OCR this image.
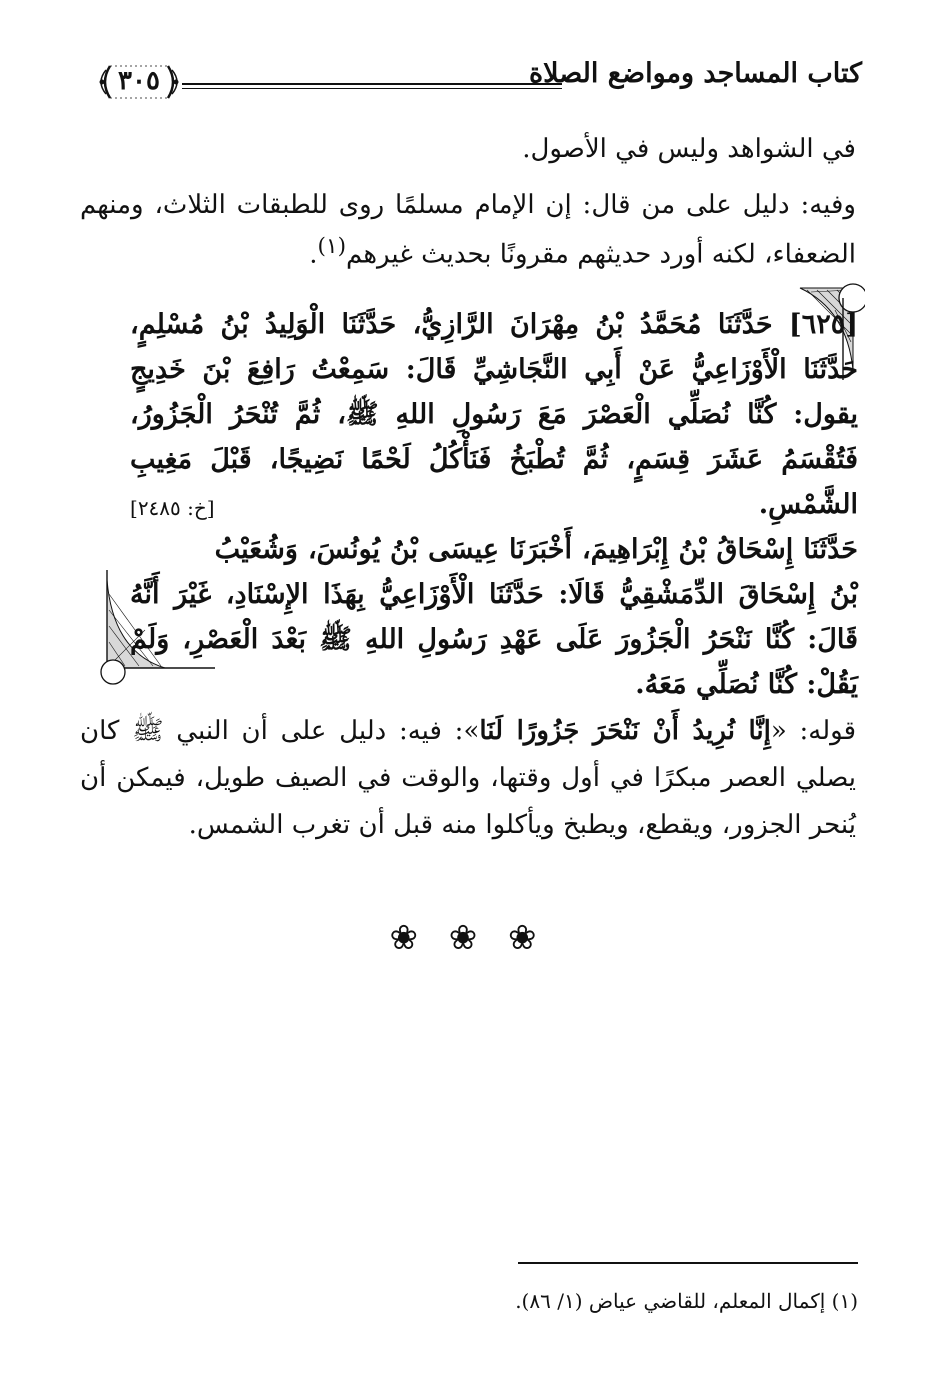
كتاب المساجد ومواضع الصلاة
٣٠٥

في الشواهد وليس في الأصول.

وفيه: دليل على من قال: إن الإمام مسلمًا روى للطبقات الثلاث، ومنهم الضعفاء، لكنه أورد حديثهم مقرونًا بحديث غيرهم$^{(١)}$.

[٦٢٥] حَدَّثَنَا مُحَمَّدُ بْنُ مِهْرَانَ الرَّازِيُّ، حَدَّثَنَا الْوَلِيدُ بْنُ مُسْلِمٍ، حَدَّثَنَا الْأَوْزَاعِيُّ عَنْ أَبِي النَّجَاشِيِّ قَالَ: سَمِعْتُ رَافِعَ بْنَ خَدِيجٍ يقول: كُنَّا نُصَلِّي الْعَصْرَ مَعَ رَسُولِ اللهِ ﷺ، ثُمَّ تُنْحَرُ الْجَزُورُ، فَتُقْسَمُ عَشَرَ قِسَمٍ، ثُمَّ تُطْبَخُ فَنَأْكُلُ لَحْمًا نَضِيجًا، قَبْلَ مَغِيبِ الشَّمْسِ.
[خ: ٢٤٨٥]

حَدَّثَنَا إِسْحَاقُ بْنُ إِبْرَاهِيمَ، أَخْبَرَنَا عِيسَى بْنُ يُونُسَ، وَشُعَيْبُ بْنُ إِسْحَاقَ الدِّمَشْقِيُّ قَالَا: حَدَّثَنَا الْأَوْزَاعِيُّ بِهَذَا الإِسْنَادِ، غَيْرَ أَنَّهُ قَالَ: كُنَّا نَنْحَرُ الْجَزُورَ عَلَى عَهْدِ رَسُولِ اللهِ ﷺ بَعْدَ الْعَصْرِ، وَلَمْ يَقُلْ: كُنَّا نُصَلِّي مَعَهُ.

قوله: «إِنَّا نُرِيدُ أَنْ نَنْحَرَ جَزُورًا لَنَا»: فيه: دليل على أن النبي ﷺ كان يصلي العصر مبكرًا في أول وقتها، والوقت في الصيف طويل، فيمكن أن يُنحر الجزور، ويقطع، ويطبخ ويأكلوا منه قبل أن تغرب الشمس.

❀ ❀ ❀
(١) إكمال المعلم، للقاضي عياض (١/ ٨٦).
